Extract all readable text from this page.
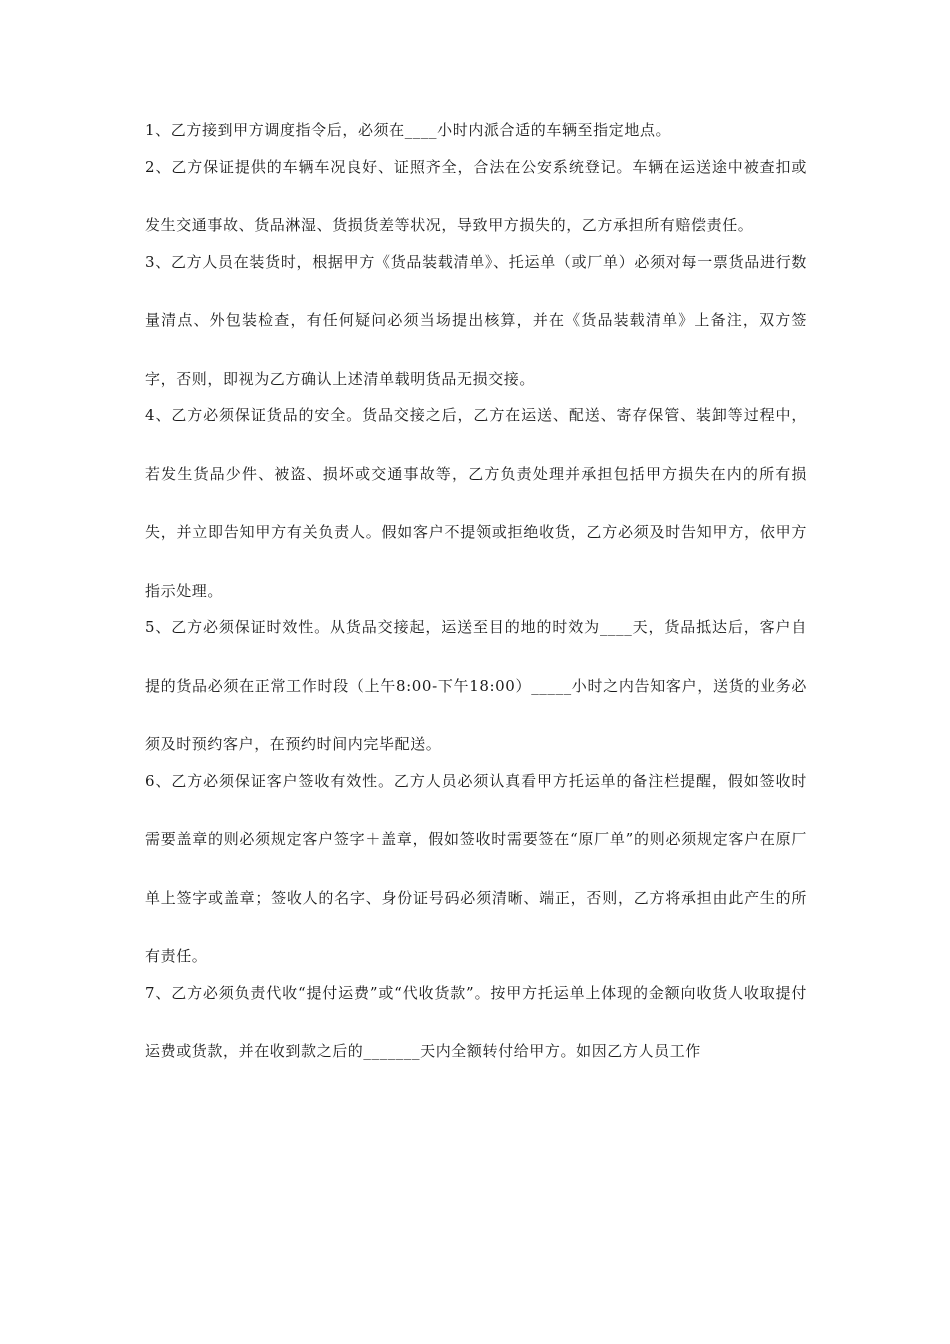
1、乙方接到甲方调度指令后，必须在____小时内派合适的车辆至指定地点。

2、乙方保证提供的车辆车况良好、证照齐全，合法在公安系统登记。车辆在运送途中被查扣或发生交通事故、货品淋湿、货损货差等状况，导致甲方损失的，乙方承担所有赔偿责任。

3、乙方人员在装货时，根据甲方《货品装载清单》、托运单（或厂单）必须对每一票货品进行数量清点、外包装检查，有任何疑问必须当场提出核算，并在《货品装载清单》上备注，双方签字，否则，即视为乙方确认上述清单载明货品无损交接。

4、乙方必须保证货品的安全。货品交接之后，乙方在运送、配送、寄存保管、装卸等过程中，若发生货品少件、被盗、损坏或交通事故等，乙方负责处理并承担包括甲方损失在内的所有损失，并立即告知甲方有关负责人。假如客户不提领或拒绝收货，乙方必须及时告知甲方，依甲方指示处理。

5、乙方必须保证时效性。从货品交接起，运送至目的地的时效为____天，货品抵达后，客户自提的货品必须在正常工作时段（上午8:00-下午18:00）_____小时之内告知客户，送货的业务必须及时预约客户，在预约时间内完毕配送。

6、乙方必须保证客户签收有效性。乙方人员必须认真看甲方托运单的备注栏提醒，假如签收时需要盖章的则必须规定客户签字＋盖章，假如签收时需要签在“原厂单”的则必须规定客户在原厂单上签字或盖章；签收人的名字、身份证号码必须清晰、端正，否则，乙方将承担由此产生的所有责任。

7、乙方必须负责代收“提付运费”或“代收货款”。按甲方托运单上体现的金额向收货人收取提付运费或货款，并在收到款之后的_______天内全额转付给甲方。如因乙方人员工作
